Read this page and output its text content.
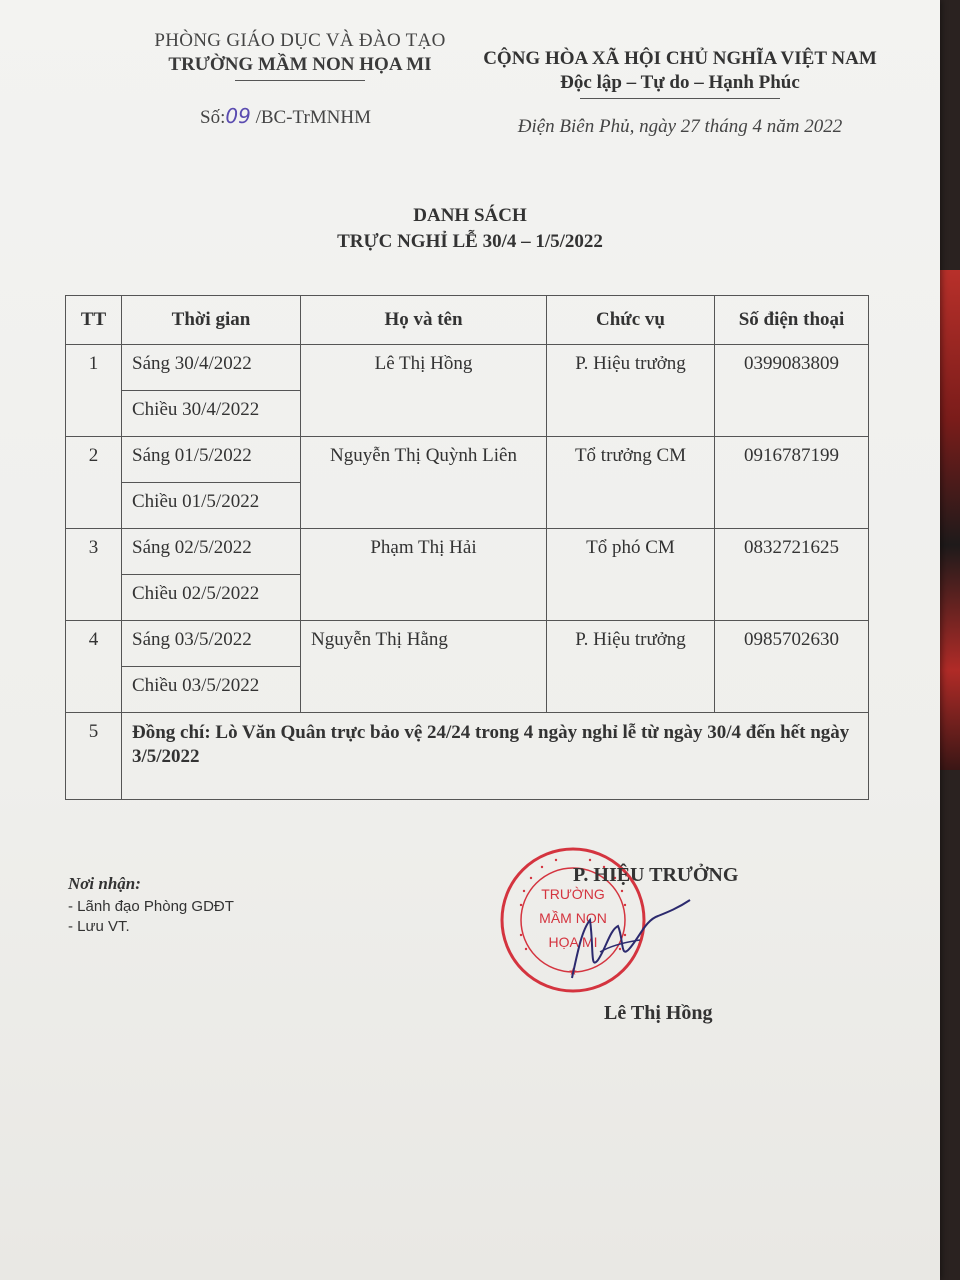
PHÒNG GIÁO DỤC VÀ ĐÀO TẠO
TRƯỜNG MẦM NON HỌA MI
Số:09 /BC-TrMNHM
CỘNG HÒA XÃ HỘI CHỦ NGHĨA VIỆT NAM
Độc lập – Tự do – Hạnh Phúc
Điện Biên Phủ, ngày 27 tháng 4 năm 2022
DANH SÁCH
TRỰC NGHỈ LỄ 30/4 – 1/5/2022
TT	Thời gian	Họ và tên	Chức vụ	Số điện thoại
1	Sáng 30/4/2022	Lê Thị Hồng	P. Hiệu trưởng	0399083809
	Chiều 30/4/2022			
2	Sáng 01/5/2022	Nguyễn Thị Quỳnh Liên	Tổ trưởng CM	0916787199
	Chiều 01/5/2022			
3	Sáng 02/5/2022	Phạm Thị Hải	Tổ phó CM	0832721625
	Chiều 02/5/2022			
4	Sáng 03/5/2022	Nguyễn Thị Hằng	P. Hiệu trưởng	0985702630
	Chiều 03/5/2022			
5	Đồng chí: Lò Văn Quân trực bảo vệ 24/24 trong 4 ngày nghỉ lễ từ ngày 30/4 đến hết ngày 3/5/2022			
Nơi nhận:
- Lãnh đạo Phòng GDĐT
- Lưu VT.
TRƯỜNG
MẦM NON
HỌA MI
★
P. HIỆU TRƯỞNG
Lê Thị Hồng
